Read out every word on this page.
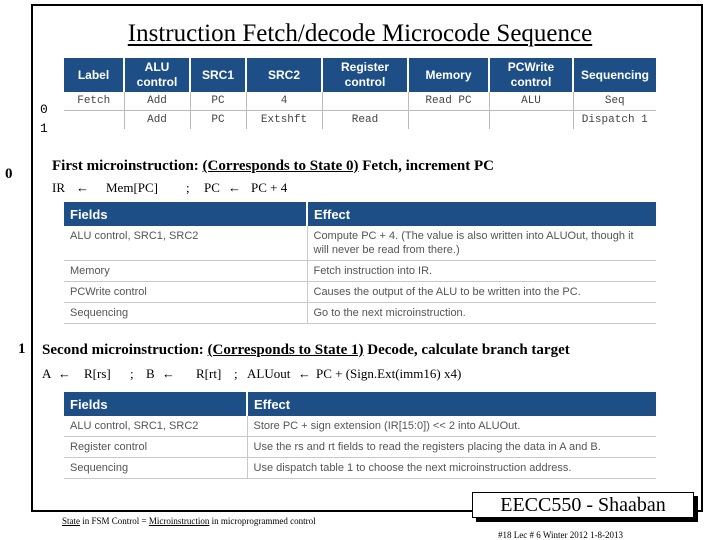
Instruction Fetch/decode Microcode Sequence
Label	ALU control	SRC1	SRC2	Register control	Memory	PCWrite control	Sequencing
Fetch	Add	PC	4		Read PC	ALU	Seq
	Add	PC	Extshft	Read			Dispatch 1
0
1
0	First microinstruction: (Corresponds to State 0) Fetch, increment PC
IR ← Mem[PC] ; PC ← PC + 4
Fields	Effect
ALU control, SRC1, SRC2	Compute PC + 4. (The value is also written into ALUOut, though it will never be read from there.)
Memory	Fetch instruction into IR.
PCWrite control	Causes the output of the ALU to be written into the PC.
Sequencing	Go to the next microinstruction.
1 Second microinstruction: (Corresponds to State 1) Decode, calculate branch target
A ← R[rs] ; B ← R[rt] ; ALUout ← PC + (Sign.Ext(imm16) x4)
Fields	Effect
ALU control, SRC1, SRC2	Store PC + sign extension (IR[15:0]) << 2 into ALUOut.
Register control	Use the rs and rt fields to read the registers placing the data in A and B.
Sequencing	Use dispatch table 1 to choose the next microinstruction address.
State in FSM Control = Microinstruction in microprogrammed control
EECC550 - Shaaban
#18 Lec # 6 Winter 2012 1-8-2013
